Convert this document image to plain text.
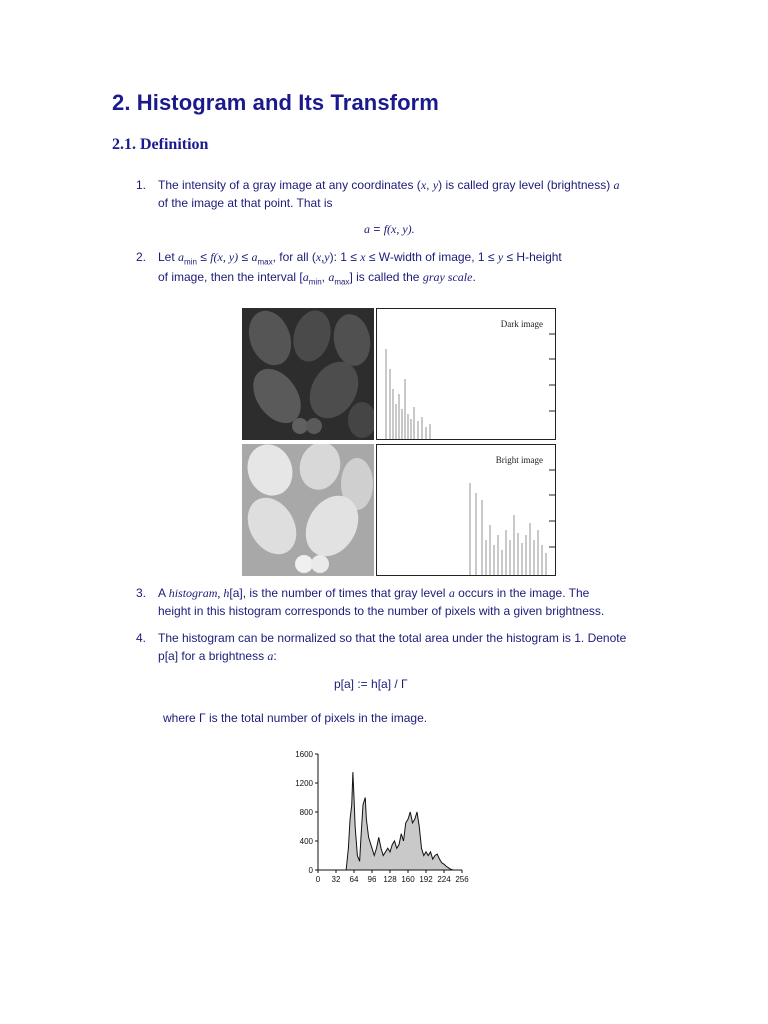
2. Histogram and Its Transform
2.1. Definition
1. The intensity of a gray image at any coordinates (x, y) is called gray level (brightness) a
of the image at that point. That is
a = f(x, y).
2. Let $a_{min} \le f(x$, $y) \le a_{max}$, for all (x,y): 1 ≤ x ≤ W-width of image, 1 ≤ y ≤ H-height
of image, then the interval [$a_{min}$, $a_{max}$] is called the gray scale.
Dark image
Bright image
3. A histogram, h[a], is the number of times that gray level a occurs in the image. The
height in this histogram corresponds to the number of pixels with a given brightness.
4. The histogram can be normalized so that the total area under the histogram is 1. Denote
p[a] for a brightness a:
p[a] := h[a] / Γ
where Γ is the total number of pixels in the image.
0
400
800
1200
1600
0 32 64 96 128 160 192 224 256
